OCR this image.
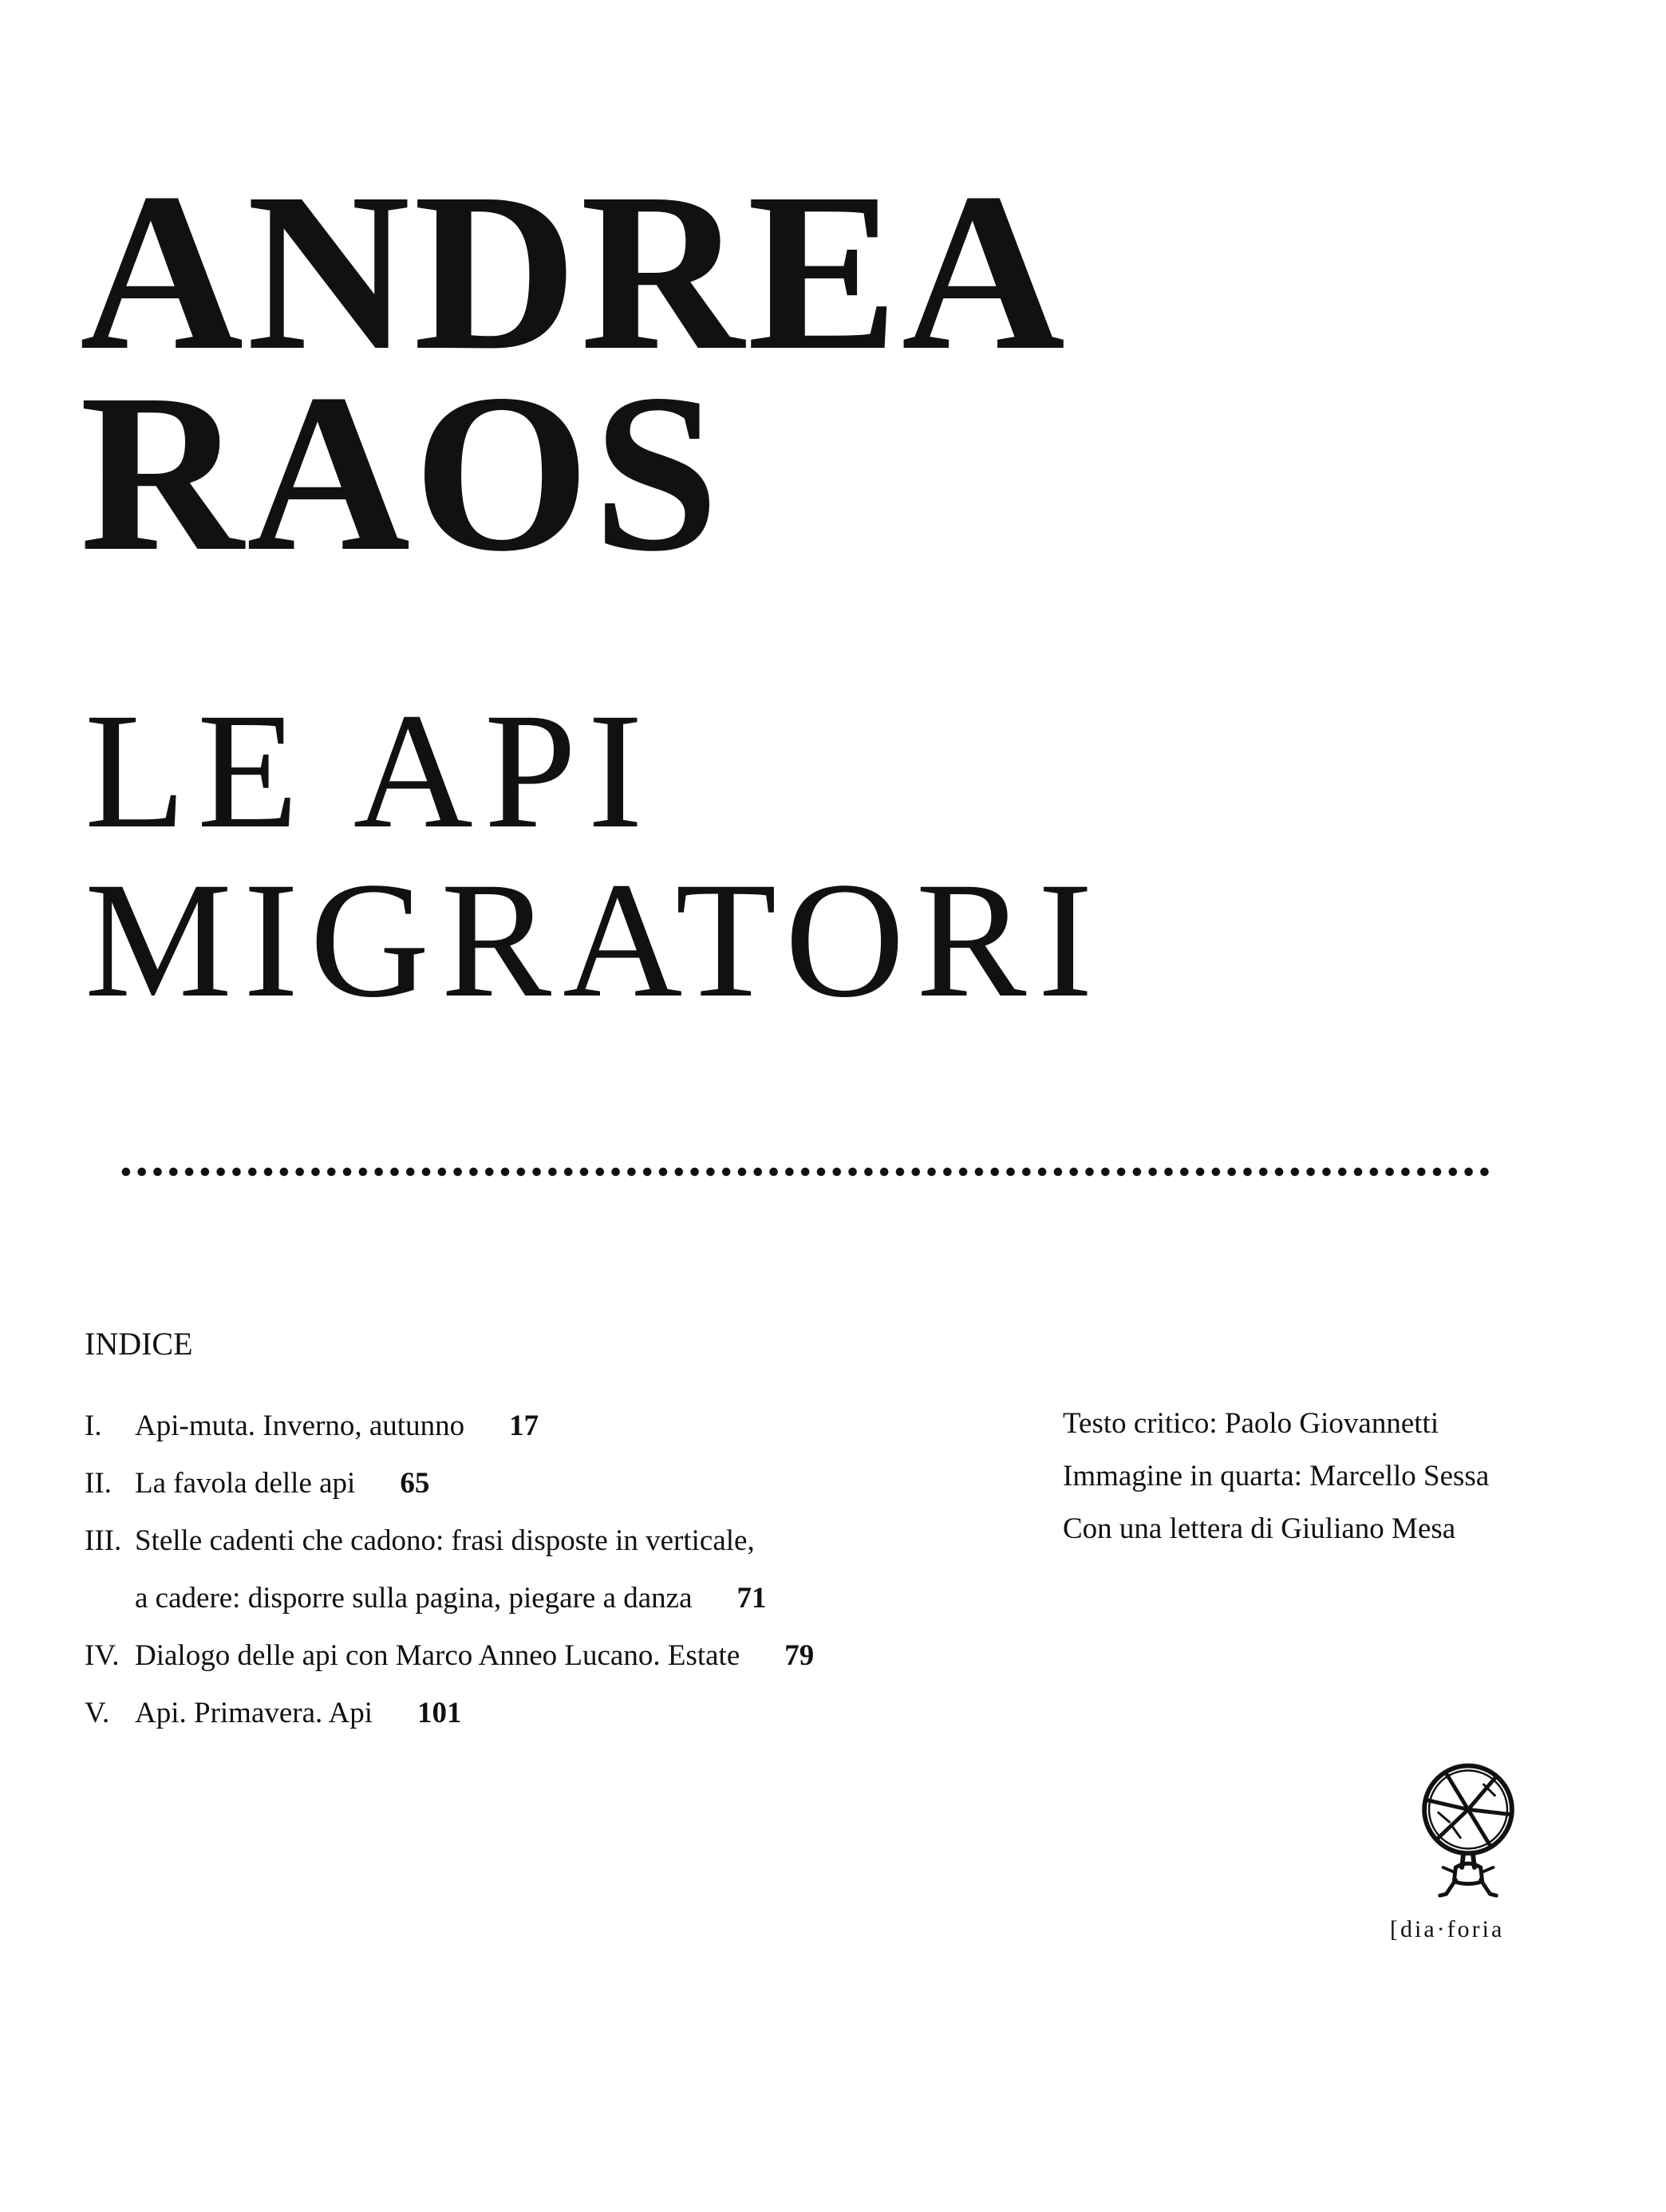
ANDREA
RAOS
LE API
MIGRATORI
INDICE
I. Api-muta. Inverno, autunno 17
II. La favola delle api 65
III. Stelle cadenti che cadono: frasi disposte in verticale,
a cadere: disporre sulla pagina, piegare a danza 71
IV. Dialogo delle api con Marco Anneo Lucano. Estate 79
V. Api. Primavera. Api 101
Testo critico: Paolo Giovannetti
Immagine in quarta: Marcello Sessa
Con una lettera di Giuliano Mesa
[dia·foria
